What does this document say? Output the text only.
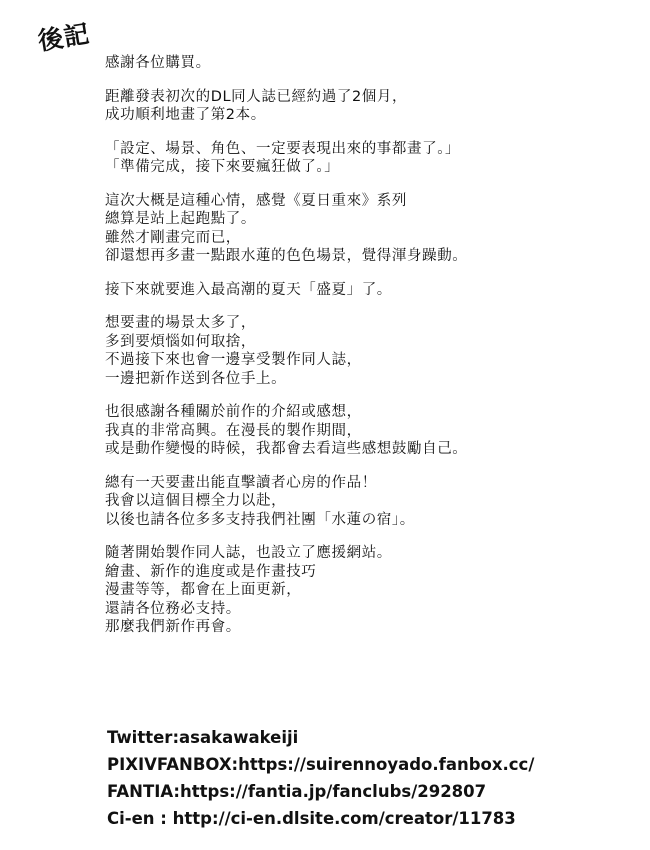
後記
感謝各位購買。
距離發表初次的DL同人誌已經約過了2個月，
成功順利地畫了第2本。
「設定、場景、角色、一定要表現出來的事都畫了。」
「準備完成，接下來要瘋狂做了。」
這次大概是這種心情，感覺《夏日重來》系列
總算是站上起跑點了。
雖然才剛畫完而已，
卻還想再多畫一點跟水蓮的色色場景，覺得渾身躁動。
接下來就要進入最高潮的夏天「盛夏」了。
想要畫的場景太多了，
多到要煩惱如何取捨，
不過接下來也會一邊享受製作同人誌，
一邊把新作送到各位手上。
也很感謝各種關於前作的介紹或感想，
我真的非常高興。在漫長的製作期間，
或是動作變慢的時候，我都會去看這些感想鼓勵自己。
總有一天要畫出能直擊讀者心房的作品！
我會以這個目標全力以赴，
以後也請各位多多支持我們社團「水蓮の宿」。
隨著開始製作同人誌，也設立了應援網站。
繪畫、新作的進度或是作畫技巧
漫畫等等，都會在上面更新，
還請各位務必支持。
那麼我們新作再會。
Twitter:asakawakeiji
PIXIVFANBOX:https://suirennoyado.fanbox.cc/
FANTIA:https://fantia.jp/fanclubs/292807
Ci-en : http://ci-en.dlsite.com/creator/11783
